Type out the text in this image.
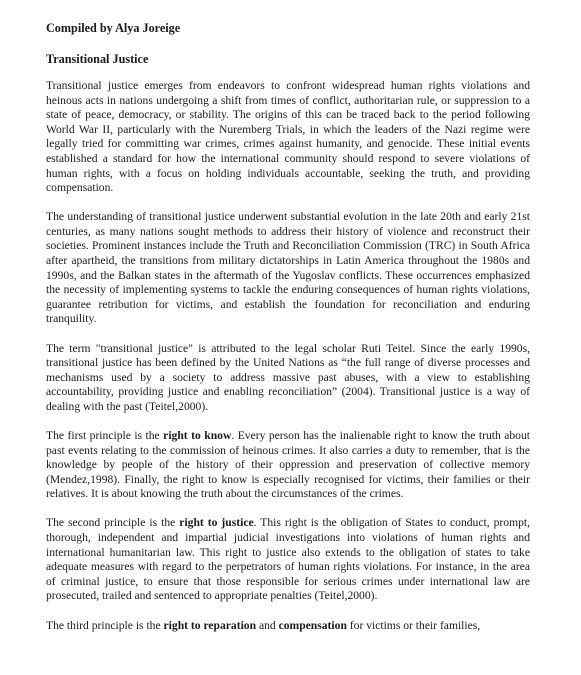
Compiled by Alya Joreige

Transitional Justice

Transitional justice emerges from endeavors to confront widespread human rights violations and heinous acts in nations undergoing a shift from times of conflict, authoritarian rule, or suppression to a state of peace, democracy, or stability. The origins of this can be traced back to the period following World War II, particularly with the Nuremberg Trials, in which the leaders of the Nazi regime were legally tried for committing war crimes, crimes against humanity, and genocide. These initial events established a standard for how the international community should respond to severe violations of human rights, with a focus on holding individuals accountable, seeking the truth, and providing compensation.

The understanding of transitional justice underwent substantial evolution in the late 20th and early 21st centuries, as many nations sought methods to address their history of violence and reconstruct their societies. Prominent instances include the Truth and Reconciliation Commission (TRC) in South Africa after apartheid, the transitions from military dictatorships in Latin America throughout the 1980s and 1990s, and the Balkan states in the aftermath of the Yugoslav conflicts. These occurrences emphasized the necessity of implementing systems to tackle the enduring consequences of human rights violations, guarantee retribution for victims, and establish the foundation for reconciliation and enduring tranquility.

The term "transitional justice" is attributed to the legal scholar Ruti Teitel. Since the early 1990s, transitional justice has been defined by the United Nations as “the full range of diverse processes and mechanisms used by a society to address massive past abuses, with a view to establishing accountability, providing justice and enabling reconciliation” (2004). Transitional justice is a way of dealing with the past (Teitel,2000).

The first principle is the right to know. Every person has the inalienable right to know the truth about past events relating to the commission of heinous crimes. It also carries a duty to remember, that is the knowledge by people of the history of their oppression and preservation of collective memory (Mendez,1998). Finally, the right to know is especially recognised for victims, their families or their relatives. It is about knowing the truth about the circumstances of the crimes.

The second principle is the right to justice. This right is the obligation of States to conduct, prompt, thorough, independent and impartial judicial investigations into violations of human rights and international humanitarian law. This right to justice also extends to the obligation of states to take adequate measures with regard to the perpetrators of human rights violations. For instance, in the area of criminal justice, to ensure that those responsible for serious crimes under international law are prosecuted, trailed and sentenced to appropriate penalties (Teitel,2000).

The third principle is the right to reparation and compensation for victims or their families,
